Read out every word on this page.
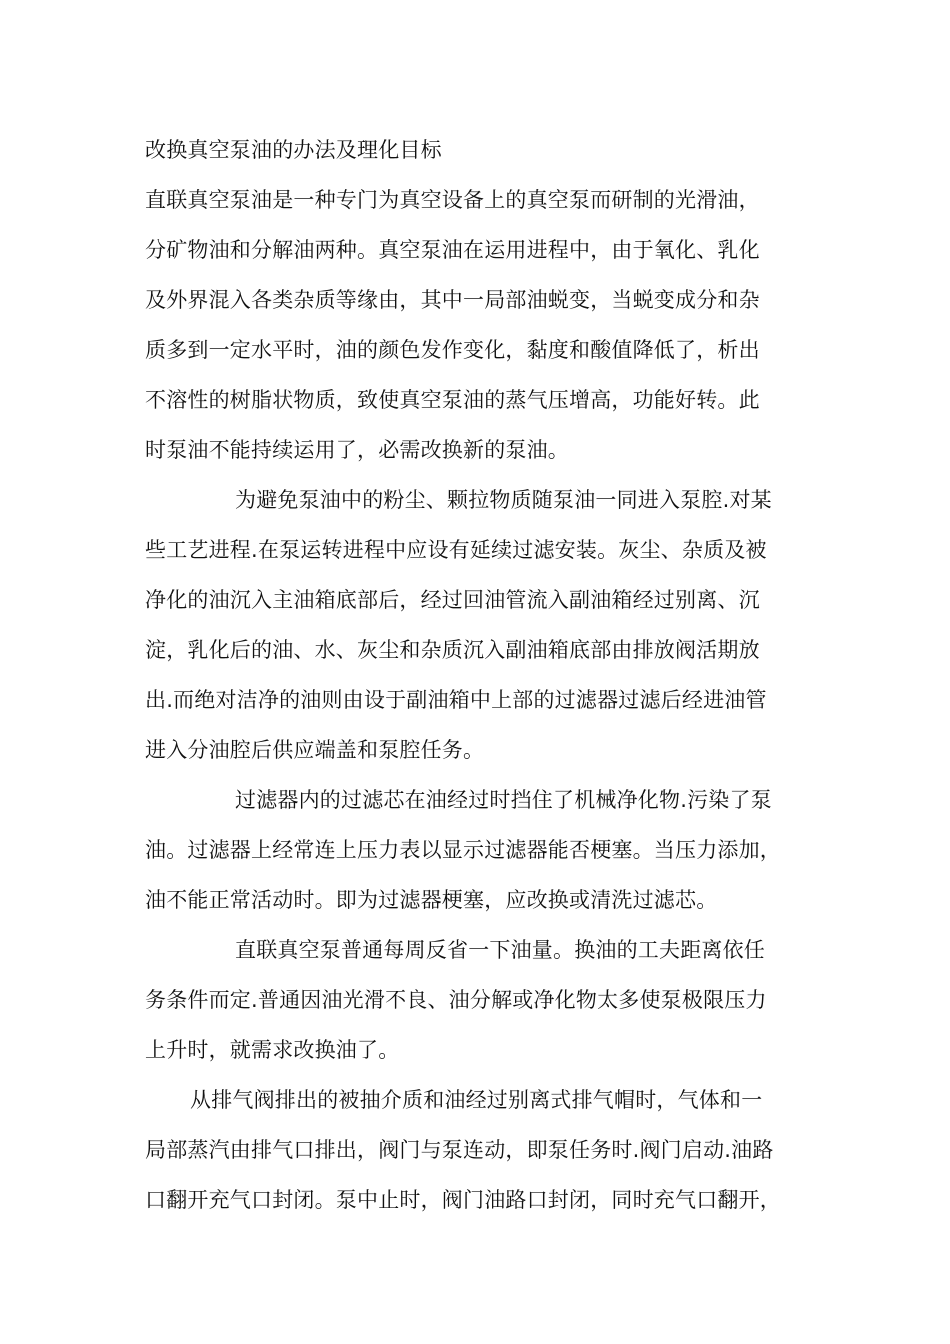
改换真空泵油的办法及理化目标
直联真空泵油是一种专门为真空设备上的真空泵而研制的光滑油，
分矿物油和分解油两种。真空泵油在运用进程中，由于氧化、乳化
及外界混入各类杂质等缘由，其中一局部油蜕变，当蜕变成分和杂
质多到一定水平时，油的颜色发作变化，黏度和酸值降低了，析出
不溶性的树脂状物质，致使真空泵油的蒸气压增高，功能好转。此
时泵油不能持续运用了，必需改换新的泵油。
为避免泵油中的粉尘、颗拉物质随泵油一同进入泵腔.对某
些工艺进程.在泵运转进程中应设有延续过滤安装。灰尘、杂质及被
净化的油沉入主油箱底部后，经过回油管流入副油箱经过别离、沉
淀，乳化后的油、水、灰尘和杂质沉入副油箱底部由排放阀活期放
出.而绝对洁净的油则由设于副油箱中上部的过滤器过滤后经进油管
进入分油腔后供应端盖和泵腔任务。
过滤器内的过滤芯在油经过时挡住了机械净化物.污染了泵
油。过滤器上经常连上压力表以显示过滤器能否梗塞。当压力添加，
油不能正常活动时。即为过滤器梗塞，应改换或清洗过滤芯。
直联真空泵普通每周反省一下油量。换油的工夫距离依任
务条件而定.普通因油光滑不良、油分解或净化物太多使泵极限压力
上升时，就需求改换油了。
从排气阀排出的被抽介质和油经过别离式排气帽时，气体和一
局部蒸汽由排气口排出，阀门与泵连动，即泵任务时.阀门启动.油路
口翻开充气口封闭。泵中止时，阀门油路口封闭，同时充气口翻开，
